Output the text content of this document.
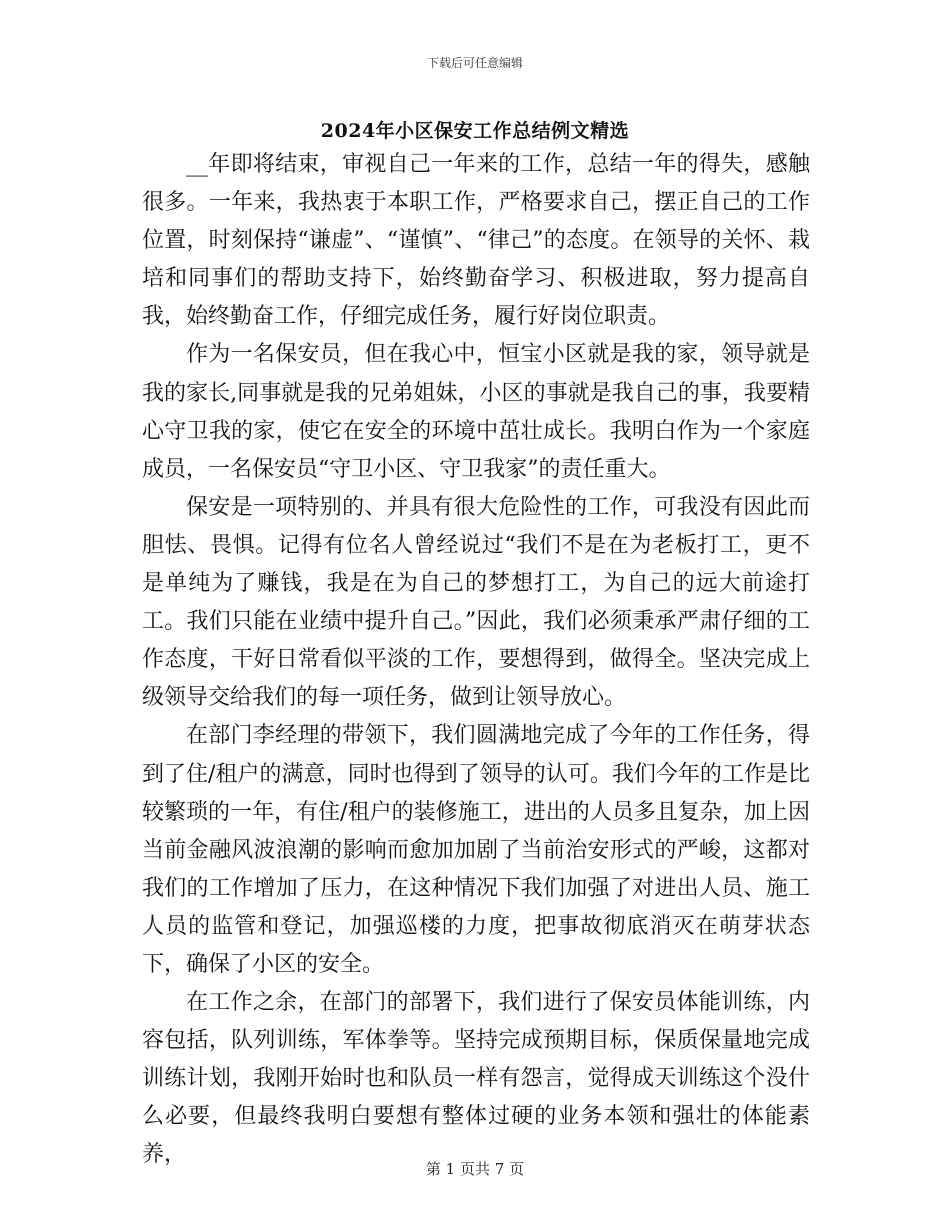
下载后可任意编辑
2024年小区保安工作总结例文精选

__年即将结束，审视自己一年来的工作，总结一年的得失，感触很多。一年来，我热衷于本职工作，严格要求自己，摆正自己的工作位置，时刻保持“谦虚”、“谨慎”、“律己”的态度。在领导的关怀、栽培和同事们的帮助支持下，始终勤奋学习、积极进取，努力提高自我，始终勤奋工作，仔细完成任务，履行好岗位职责。

作为一名保安员，但在我心中，恒宝小区就是我的家，领导就是我的家长,同事就是我的兄弟姐妹，小区的事就是我自己的事，我要精心守卫我的家，使它在安全的环境中茁壮成长。我明白作为一个家庭成员，一名保安员“守卫小区、守卫我家”的责任重大。

保安是一项特别的、并具有很大危险性的工作，可我没有因此而胆怯、畏惧。记得有位名人曾经说过“我们不是在为老板打工，更不是单纯为了赚钱，我是在为自己的梦想打工，为自己的远大前途打工。我们只能在业绩中提升自己。”因此，我们必须秉承严肃仔细的工作态度，干好日常看似平淡的工作，要想得到，做得全。坚决完成上级领导交给我们的每一项任务，做到让领导放心。

在部门李经理的带领下，我们圆满地完成了今年的工作任务，得到了住/租户的满意，同时也得到了领导的认可。我们今年的工作是比较繁琐的一年，有住/租户的装修施工，进出的人员多且复杂，加上因当前金融风波浪潮的影响而愈加加剧了当前治安形式的严峻，这都对我们的工作增加了压力，在这种情况下我们加强了对进出人员、施工人员的监管和登记，加强巡楼的力度，把事故彻底消灭在萌芽状态下，确保了小区的安全。

在工作之余，在部门的部署下，我们进行了保安员体能训练，内容包括，队列训练，军体拳等。坚持完成预期目标，保质保量地完成训练计划，我刚开始时也和队员一样有怨言，觉得成天训练这个没什么必要，但最终我明白要想有整体过硬的业务本领和强壮的体能素养，

第 1 页共 7 页
